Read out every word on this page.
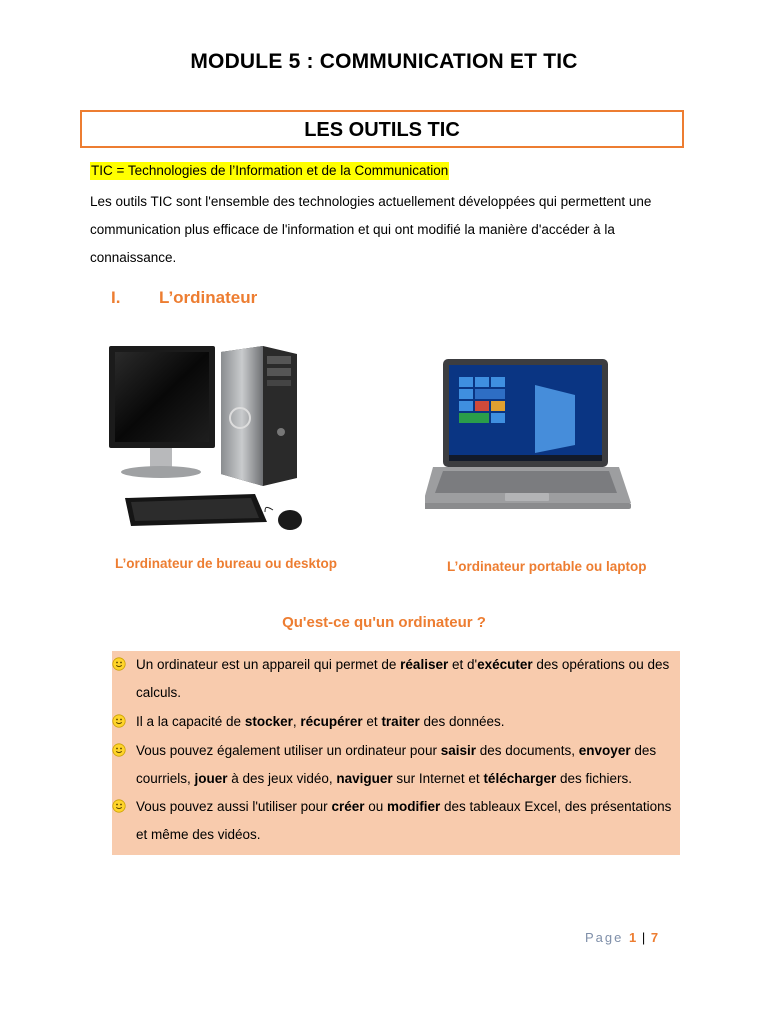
MODULE 5 : COMMUNICATION ET TIC
LES OUTILS TIC
TIC = Technologies de l’Information et de la Communication
Les outils TIC sont l'ensemble des technologies actuellement développées qui permettent une communication plus efficace de l'information et qui ont modifié la manière d'accéder à la connaissance.
I. L’ordinateur
L’ordinateur de bureau ou desktop	L’ordinateur portable ou laptop
Qu'est-ce qu'un ordinateur ?
Un ordinateur est un appareil qui permet de réaliser et d'exécuter des opérations ou des calculs.
Il a la capacité de stocker, récupérer et traiter des données.
Vous pouvez également utiliser un ordinateur pour saisir des documents, envoyer des courriels, jouer à des jeux vidéo, naviguer sur Internet et télécharger des fichiers.
Vous pouvez aussi l'utiliser pour créer ou modifier des tableaux Excel, des présentations et même des vidéos.
Page 1 | 7
